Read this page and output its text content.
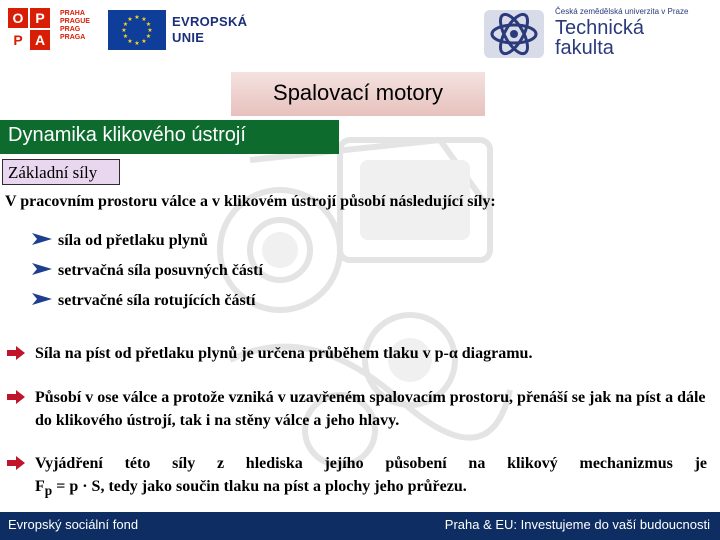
O P
P A
PRAHA
PRAGUE
PRAG
PRAGA
★ ★
★
★
★
★
★
★
★
★
★
★	EVROPSKÁ
UNIE
Česká zemědělská univerzita v Praze
Technická
fakulta
Spalovací motory
Dynamika klikového ústrojí
Základní síly
V pracovním prostoru válce a v klikovém ústrojí působí následující síly:
síla od přetlaku plynů
setrvačná síla posuvných částí
setrvačné síla rotujících částí
Síla na píst od přetlaku plynů je určena průběhem tlaku v p-α diagramu.
Působí v ose válce a protože vzniká v uzavřeném spalovacím prostoru, přenáší se jak na píst a dále do klikového ústrojí, tak i na stěny válce a jeho hlavy.
Vyjádření této síly z hlediska jejího působení na klikový mechanizmus je
$F_p = p \cdot S$, tedy jako součin tlaku na píst a plochy jeho průřezu.
Evropský sociální fond	Praha & EU: Investujeme do vaší budoucnosti
